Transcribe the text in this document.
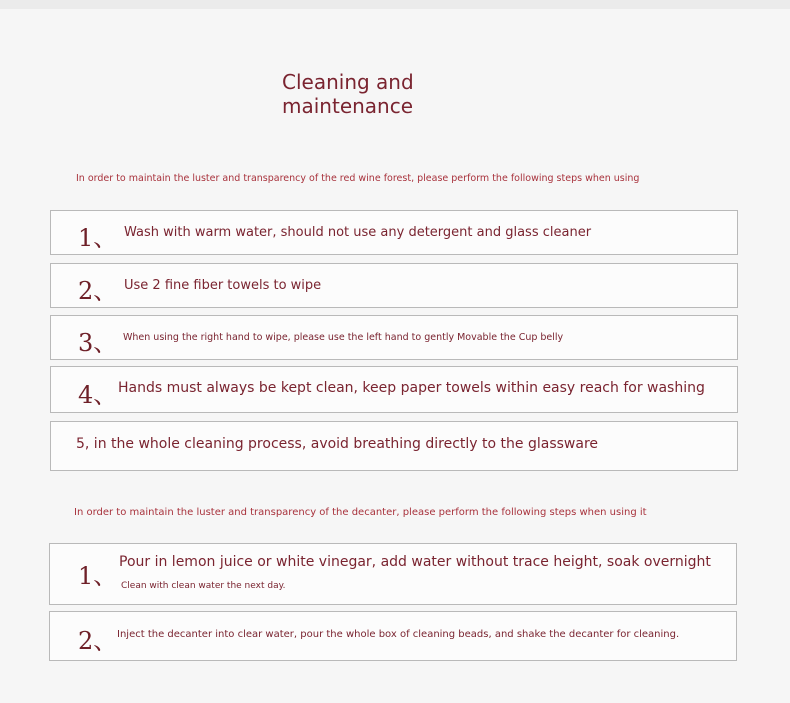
Cleaning and
maintenance
In order to maintain the luster and transparency of the red wine forest, please perform the following steps when using
1、 Wash with warm water, should not use any detergent and glass cleaner
2、 Use 2 fine fiber towels to wipe
3、 When using the right hand to wipe, please use the left hand to gently Movable the Cup belly
4、 Hands must always be kept clean, keep paper towels within easy reach for washing
5, in the whole cleaning process, avoid breathing directly to the glassware
In order to maintain the luster and transparency of the decanter, please perform the following steps when using it
1、 Pour in lemon juice or white vinegar, add water without trace height, soak overnight
Clean with clean water the next day.
2、 Inject the decanter into clear water, pour the whole box of cleaning beads, and shake the decanter for cleaning.
